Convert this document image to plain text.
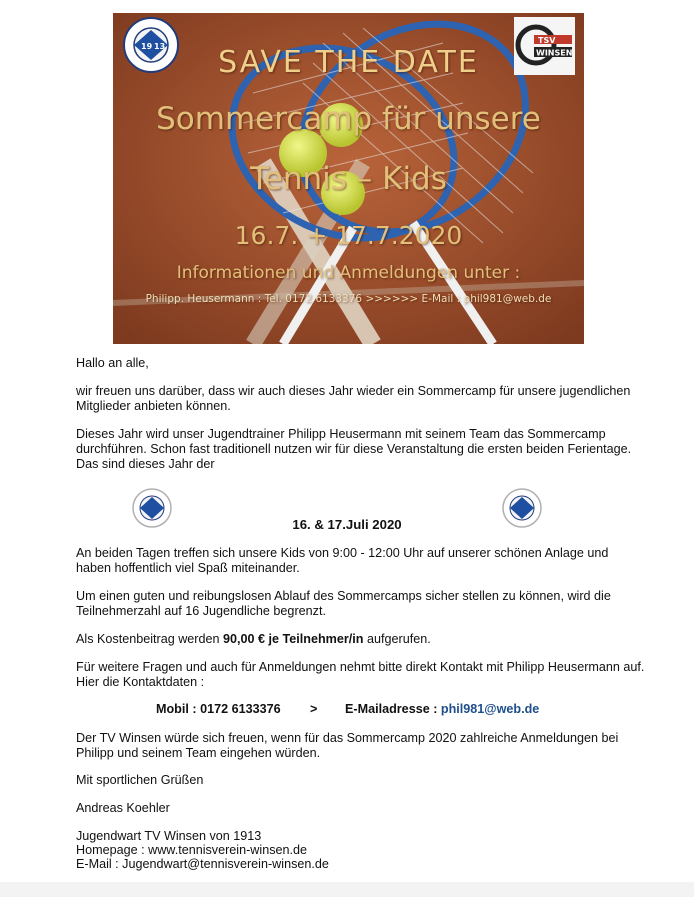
19 13
TSV
WINSEN
SAVE THE DATE
Sommercamp für unsere
Tennis – Kids
16.7. + 17.7.2020
Informationen und Anmeldungen unter :
Philipp. Heusermann : Tel. 0172 6133376 >>>>>> E-Mail : phil981@web.de
Hallo an alle,
wir freuen uns darüber, dass wir auch dieses Jahr wieder ein Sommercamp für unsere jugendlichen
Mitglieder anbieten können.
Dieses Jahr wird unser Jugendtrainer Philipp Heusermann mit seinem Team das Sommercamp
durchführen. Schon fast traditionell nutzen wir für diese Veranstaltung die ersten beiden Ferientage.
Das sind dieses Jahr der
16. & 17.Juli 2020
An beiden Tagen treffen sich unsere Kids von 9:00 - 12:00 Uhr auf unserer schönen Anlage und
haben hoffentlich viel Spaß miteinander.
Um einen guten und reibungslosen Ablauf des Sommercamps sicher stellen zu können, wird die
Teilnehmerzahl auf 16 Jugendliche begrenzt.
Als Kostenbeitrag werden 90,00 € je Teilnehmer/in aufgerufen.
Für weitere Fragen und auch für Anmeldungen nehmt bitte direkt Kontakt mit Philipp Heusermann auf.
Hier die Kontaktdaten :
Mobil : 0172 6133376 > E-Mailadresse : phil981@web.de
Der TV Winsen würde sich freuen, wenn für das Sommercamp 2020 zahlreiche Anmeldungen bei
Philipp und seinem Team eingehen würden.
Mit sportlichen Grüßen
Andreas Koehler
Jugendwart TV Winsen von 1913
Homepage : www.tennisverein-winsen.de
E-Mail : Jugendwart@tennisverein-winsen.de
